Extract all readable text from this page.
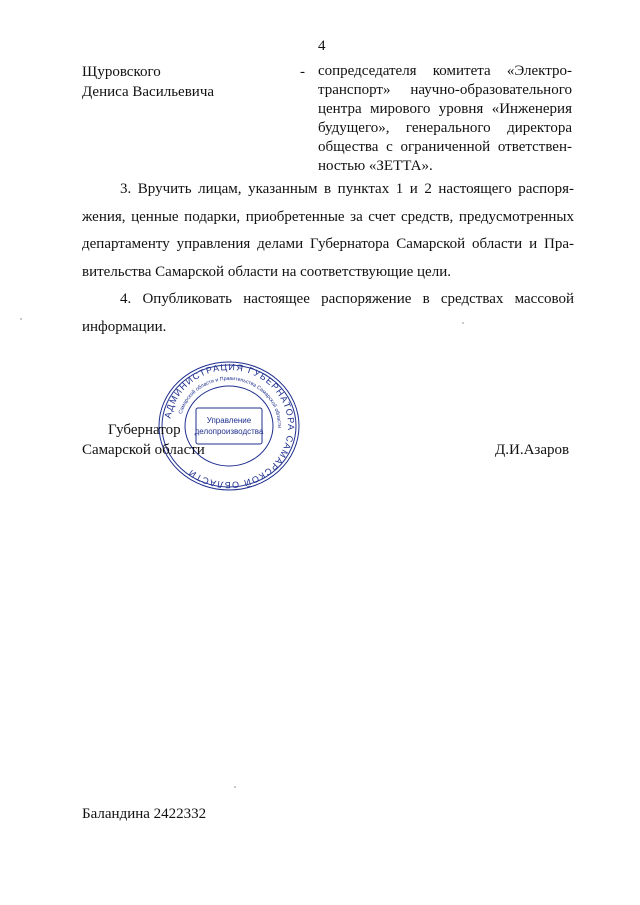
4
Щуровского
Дениса Васильевича
- сопредседателя комитета «Электро-транспорт» научно-образовательного центра мирового уровня «Инженерия будущего», генерального директора общества с ограниченной ответствен-ностью «ЗЕТТА».
3. Вручить лицам, указанным в пунктах 1 и 2 настоящего распоря-жения, ценные подарки, приобретенные за счет средств, предусмотренных департаменту управления делами Губернатора Самарской области и Пра-вительства Самарской области на соответствующие цели.
4. Опубликовать настоящее распоряжение в средствах массовой информации.
АДМИНИСТРАЦИЯ ГУБЕРНАТОРА САМАРСКОЙ ОБЛАСТИ
Самарской области и Правительства Самарской области
Управление
делопроизводства
Губернатор
Самарской области	Д.И.Азаров
Баландина 2422332
